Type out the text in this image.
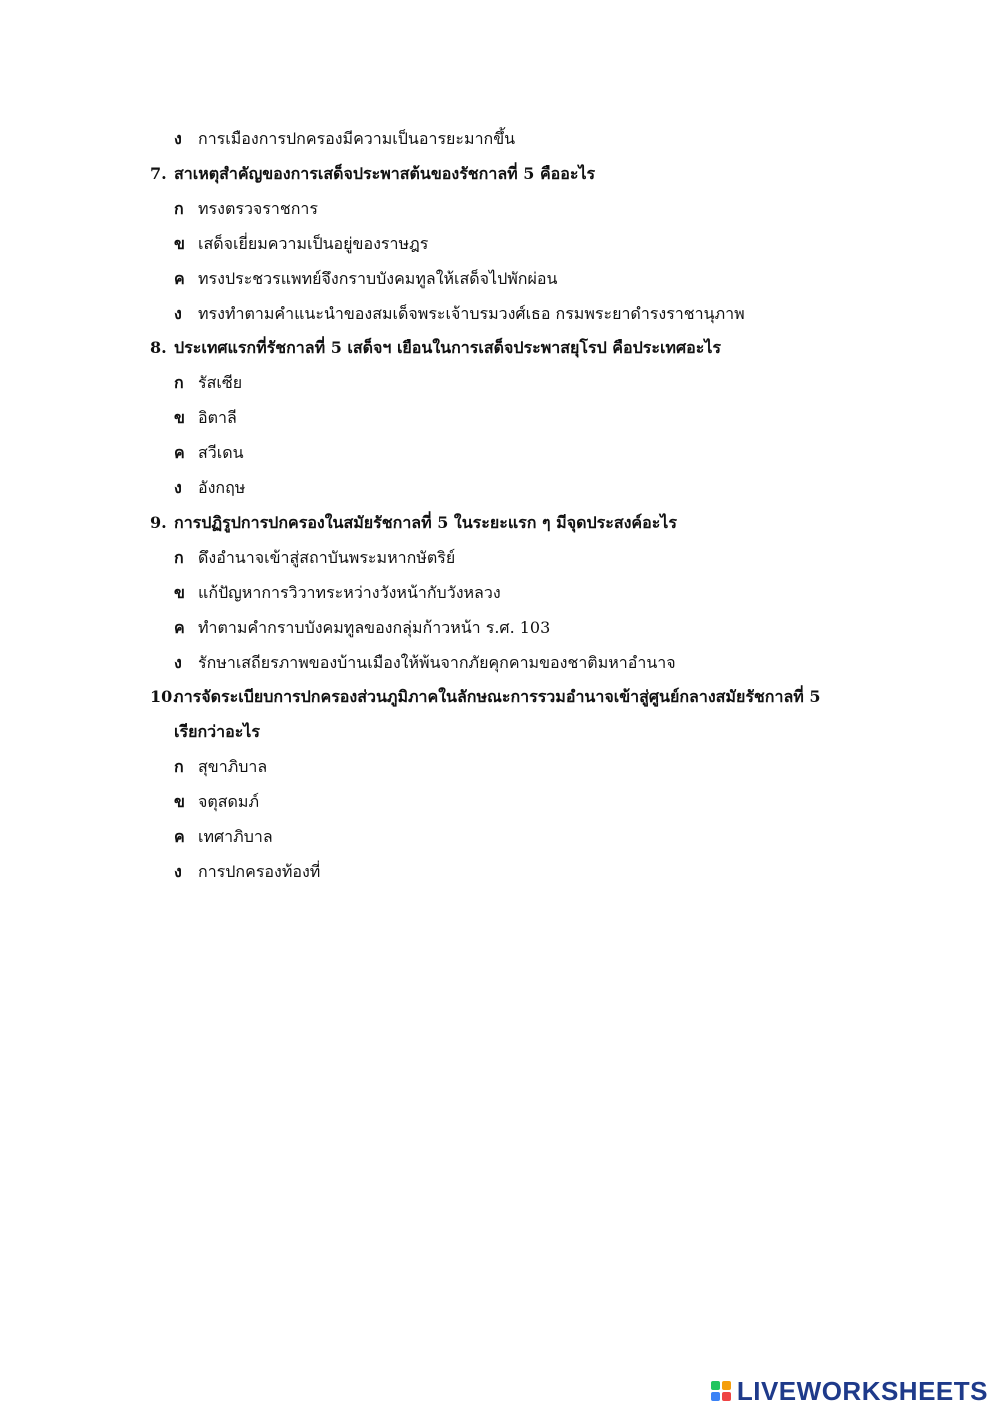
ง การเมืองการปกครองมีความเป็นอารยะมากขึ้น
7. สาเหตุสำคัญของการเสด็จประพาสต้นของรัชกาลที่ 5 คืออะไร
ก ทรงตรวจราชการ
ข เสด็จเยี่ยมความเป็นอยู่ของราษฎร
ค ทรงประชวรแพทย์จึงกราบบังคมทูลให้เสด็จไปพักผ่อน
ง ทรงทำตามคำแนะนำของสมเด็จพระเจ้าบรมวงศ์เธอ กรมพระยาดำรงราชานุภาพ
8. ประเทศแรกที่รัชกาลที่ 5 เสด็จฯ เยือนในการเสด็จประพาสยุโรป คือประเทศอะไร
ก รัสเซีย
ข อิตาลี
ค สวีเดน
ง อังกฤษ
9. การปฏิรูปการปกครองในสมัยรัชกาลที่ 5 ในระยะแรก ๆ มีจุดประสงค์อะไร
ก ดึงอำนาจเข้าสู่สถาบันพระมหากษัตริย์
ข แก้ปัญหาการวิวาทระหว่างวังหน้ากับวังหลวง
ค ทำตามคำกราบบังคมทูลของกลุ่มก้าวหน้า ร.ศ. 103
ง รักษาเสถียรภาพของบ้านเมืองให้พ้นจากภัยคุกคามของชาติมหาอำนาจ
10.การจัดระเบียบการปกครองส่วนภูมิภาคในลักษณะการรวมอำนาจเข้าสู่ศูนย์กลางสมัยรัชกาลที่ 5
เรียกว่าอะไร
ก สุขาภิบาล
ข จตุสดมภ์
ค เทศาภิบาล
ง การปกครองท้องที่
LIVEWORKSHEETS
